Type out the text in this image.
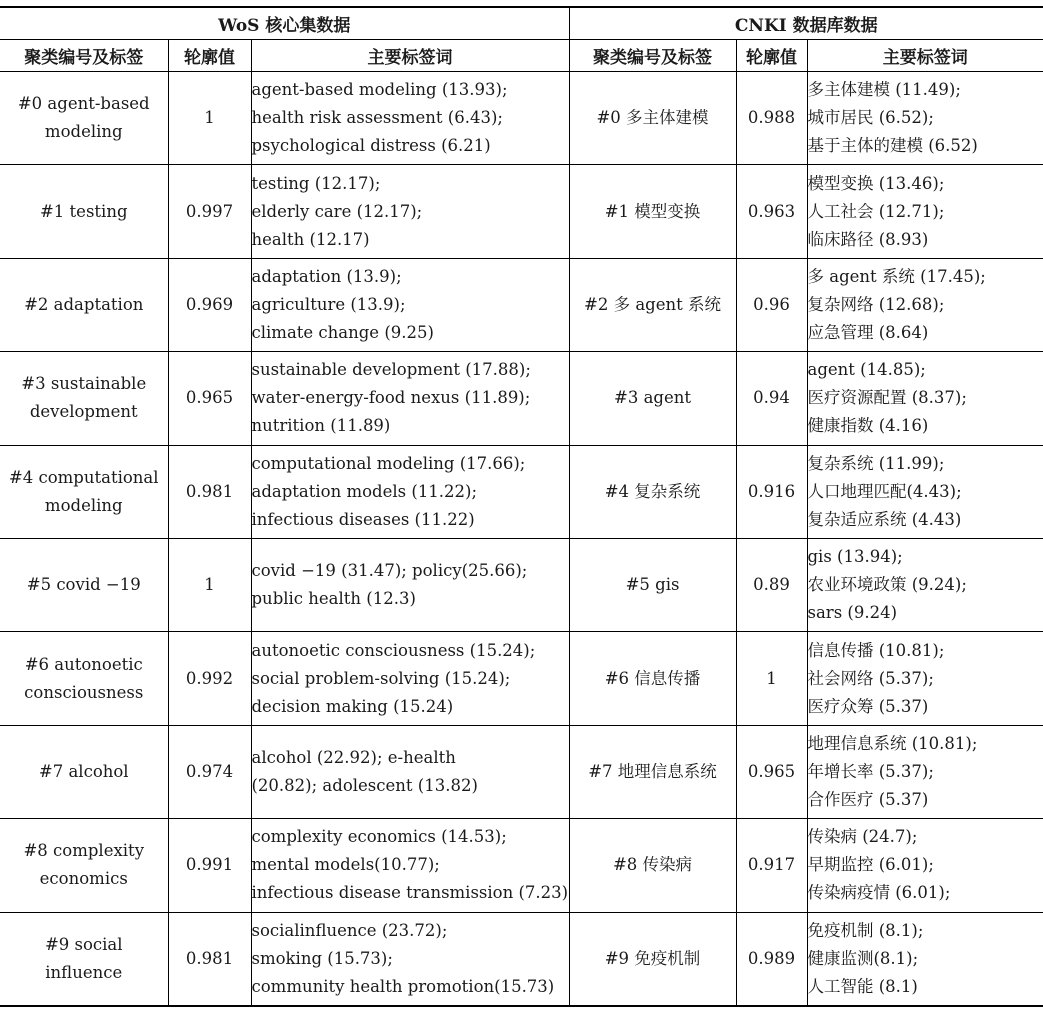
WoS 核心集数据			CNKI 数据库数据		
聚类编号及标签	轮廓值	主要标签词	聚类编号及标签	轮廓值	主要标签词

#0 agent-based
modeling	1	agent-based modeling (13.93);
health risk assessment (6.43);
psychological distress (6.21)	#0 多主体建模	0.988	多主体建模 (11.49);
城市居民 (6.52);
基于主体的建模 (6.52)

#1 testing	0.997	testing (12.17);
elderly care (12.17);
health (12.17)	#1 模型变换	0.963	模型变换 (13.46);
人工社会 (12.71);
临床路径 (8.93)

#2 adaptation	0.969	adaptation (13.9);
agriculture (13.9);
climate change (9.25)	#2 多 agent 系统	0.96	多 agent 系统 (17.45);
复杂网络 (12.68);
应急管理 (8.64)

#3 sustainable
development	0.965	sustainable development (17.88);
water-energy-food nexus (11.89);
nutrition (11.89)	#3 agent	0.94	agent (14.85);
医疗资源配置 (8.37);
健康指数 (4.16)

#4 computational
modeling	0.981	computational modeling (17.66);
adaptation models (11.22);
infectious diseases (11.22)	#4 复杂系统	0.916	复杂系统 (11.99);
人口地理匹配(4.43);
复杂适应系统 (4.43)

#5 covid −19	1	covid −19 (31.47); policy(25.66);
public health (12.3)	#5 gis	0.89	gis (13.94);
农业环境政策 (9.24);
sars (9.24)

#6 autonoetic
consciousness	0.992	autonoetic consciousness (15.24);
social problem-solving (15.24);
decision making (15.24)	#6 信息传播	1	信息传播 (10.81);
社会网络 (5.37);
医疗众筹 (5.37)

#7 alcohol	0.974	alcohol (22.92); e-health
(20.82); adolescent (13.82)	#7 地理信息系统	0.965	地理信息系统 (10.81);
年增长率 (5.37);
合作医疗 (5.37)

#8 complexity
economics	0.991	complexity economics (14.53);
mental models(10.77);
infectious disease transmission (7.23)	#8 传染病	0.917	传染病 (24.7);
早期监控 (6.01);
传染病疫情 (6.01);

#9 social
influence	0.981	socialinfluence (23.72);
smoking (15.73);
community health promotion(15.73)	#9 免疫机制	0.989	免疫机制 (8.1);
健康监测(8.1);
人工智能 (8.1)
